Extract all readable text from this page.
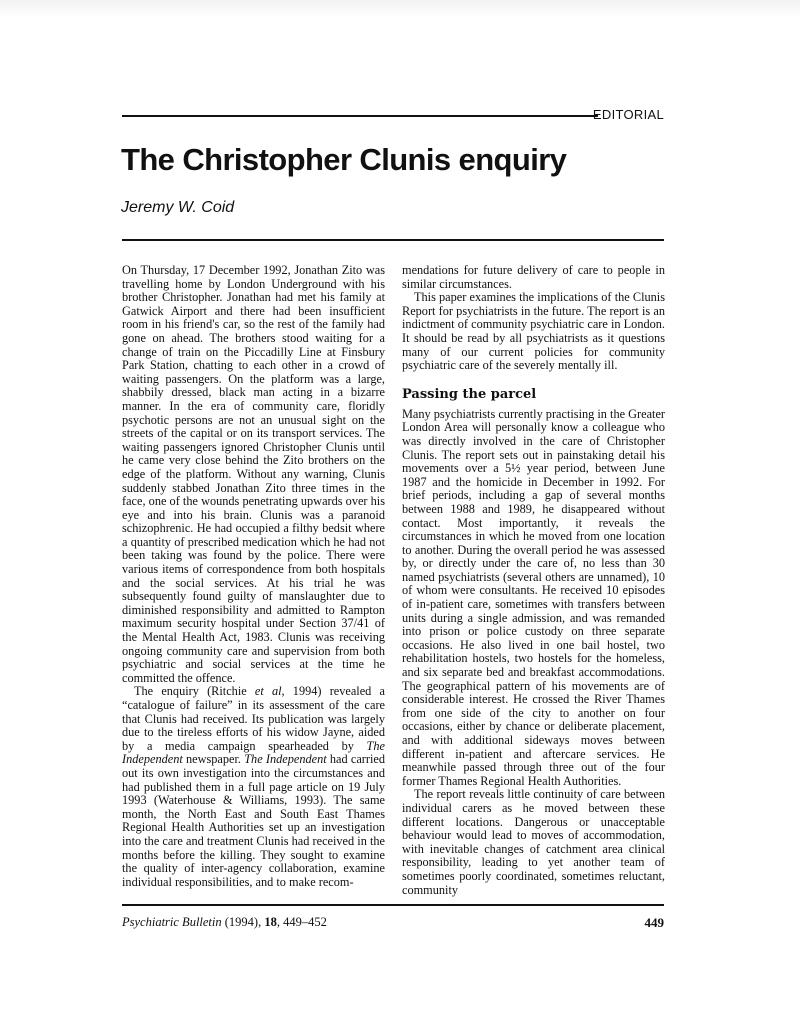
EDITORIAL
The Christopher Clunis enquiry
Jeremy W. Coid

On Thursday, 17 December 1992, Jonathan Zito was travelling home by London Underground with his brother Christopher. Jonathan had met his family at Gatwick Airport and there had been insufficient room in his friend's car, so the rest of the family had gone on ahead. The brothers stood waiting for a change of train on the Piccadilly Line at Finsbury Park Station, chatting to each other in a crowd of waiting passengers. On the platform was a large, shabbily dressed, black man acting in a bizarre manner. In the era of community care, floridly psychotic persons are not an unusual sight on the streets of the capital or on its transport services. The waiting passengers ignored Christopher Clunis until he came very close behind the Zito brothers on the edge of the platform. Without any warning, Clunis suddenly stabbed Jonathan Zito three times in the face, one of the wounds penetrating upwards over his eye and into his brain. Clunis was a paranoid schizophrenic. He had occupied a filthy bedsit where a quantity of prescribed medication which he had not been taking was found by the police. There were various items of correspondence from both hospitals and the social services. At his trial he was subsequently found guilty of manslaughter due to diminished responsibility and admitted to Rampton maximum security hospital under Section 37/41 of the Mental Health Act, 1983. Clunis was receiving ongoing community care and supervision from both psychiatric and social services at the time he committed the offence.

The enquiry (Ritchie et al, 1994) revealed a “catalogue of failure” in its assessment of the care that Clunis had received. Its publication was largely due to the tireless efforts of his widow Jayne, aided by a media campaign spearheaded by The Independent newspaper. The Independent had carried out its own investigation into the circumstances and had published them in a full page article on 19 July 1993 (Waterhouse & Williams, 1993). The same month, the North East and South East Thames Regional Health Authorities set up an investigation into the care and treatment Clunis had received in the months before the killing. They sought to examine the quality of inter-agency collaboration, examine individual responsibilities, and to make recom-

mendations for future delivery of care to people in similar circumstances.

This paper examines the implications of the Clunis Report for psychiatrists in the future. The report is an indictment of community psychiatric care in London. It should be read by all psychiatrists as it questions many of our current policies for community psychiatric care of the severely mentally ill.

Passing the parcel

Many psychiatrists currently practising in the Greater London Area will personally know a colleague who was directly involved in the care of Christopher Clunis. The report sets out in painstaking detail his movements over a 5½ year period, between June 1987 and the homicide in December in 1992. For brief periods, including a gap of several months between 1988 and 1989, he disappeared without contact. Most importantly, it reveals the circumstances in which he moved from one location to another. During the overall period he was assessed by, or directly under the care of, no less than 30 named psychiatrists (several others are unnamed), 10 of whom were consultants. He received 10 episodes of in-patient care, sometimes with transfers between units during a single admission, and was remanded into prison or police custody on three separate occasions. He also lived in one bail hostel, two rehabilitation hostels, two hostels for the homeless, and six separate bed and breakfast accommodations. The geographical pattern of his movements are of considerable interest. He crossed the River Thames from one side of the city to another on four occasions, either by chance or deliberate placement, and with additional sideways moves between different in-patient and aftercare services. He meanwhile passed through three out of the four former Thames Regional Health Authorities.

The report reveals little continuity of care between individual carers as he moved between these different locations. Dangerous or unacceptable behaviour would lead to moves of accommodation, with inevitable changes of catchment area clinical responsibility, leading to yet another team of sometimes poorly coordinated, sometimes reluctant, community

Psychiatric Bulletin (1994), 18, 449–452	449
